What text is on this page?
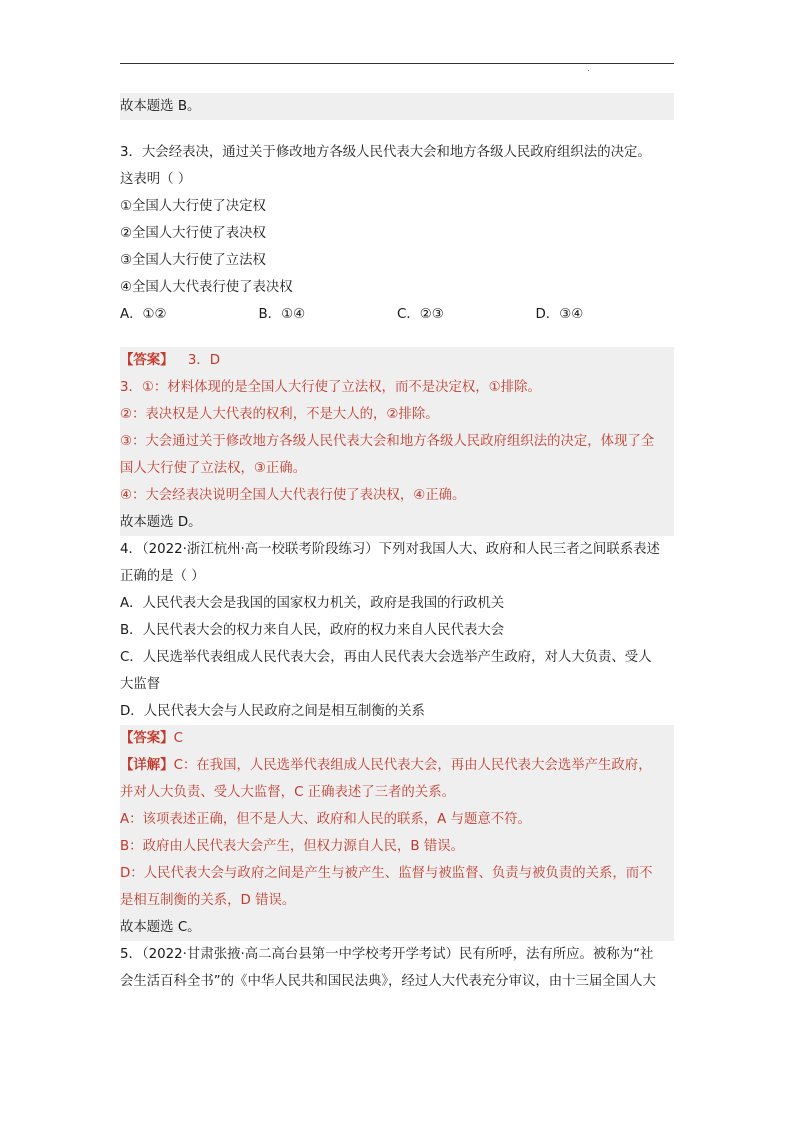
故本题选 B。
3．大会经表决，通过关于修改地方各级人民代表大会和地方各级人民政府组织法的决定。
这表明（ ）
①全国人大行使了决定权
②全国人大行使了表决权
③全国人大行使了立法权
④全国人大代表行使了表决权
A．①②	B．①④	C．②③	D．③④
【答案】 3．D
3．①：材料体现的是全国人大行使了立法权，而不是决定权，①排除。
②：表决权是人大代表的权利，不是大人的，②排除。
③：大会通过关于修改地方各级人民代表大会和地方各级人民政府组织法的决定，体现了全
国人大行使了立法权，③正确。
④：大会经表决说明全国人大代表行使了表决权，④正确。
故本题选 D。
4．（2022·浙江杭州·高一校联考阶段练习）下列对我国人大、政府和人民三者之间联系表述
正确的是（ ）
A．人民代表大会是我国的国家权力机关，政府是我国的行政机关
B．人民代表大会的权力来自人民，政府的权力来自人民代表大会
C．人民选举代表组成人民代表大会，再由人民代表大会选举产生政府，对人大负责、受人
大监督
D．人民代表大会与人民政府之间是相互制衡的关系
【答案】C
【详解】C：在我国，人民选举代表组成人民代表大会，再由人民代表大会选举产生政府，
并对人大负责、受人大监督，C 正确表述了三者的关系。
A：该项表述正确，但不是人大、政府和人民的联系，A 与题意不符。
B：政府由人民代表大会产生，但权力源自人民，B 错误。
D：人民代表大会与政府之间是产生与被产生、监督与被监督、负责与被负责的关系，而不
是相互制衡的关系，D 错误。
故本题选 C。
5．（2022·甘肃张掖·高二高台县第一中学校考开学考试）民有所呼，法有所应。被称为“社
会生活百科全书”的《中华人民共和国民法典》，经过人大代表充分审议，由十三届全国人大
